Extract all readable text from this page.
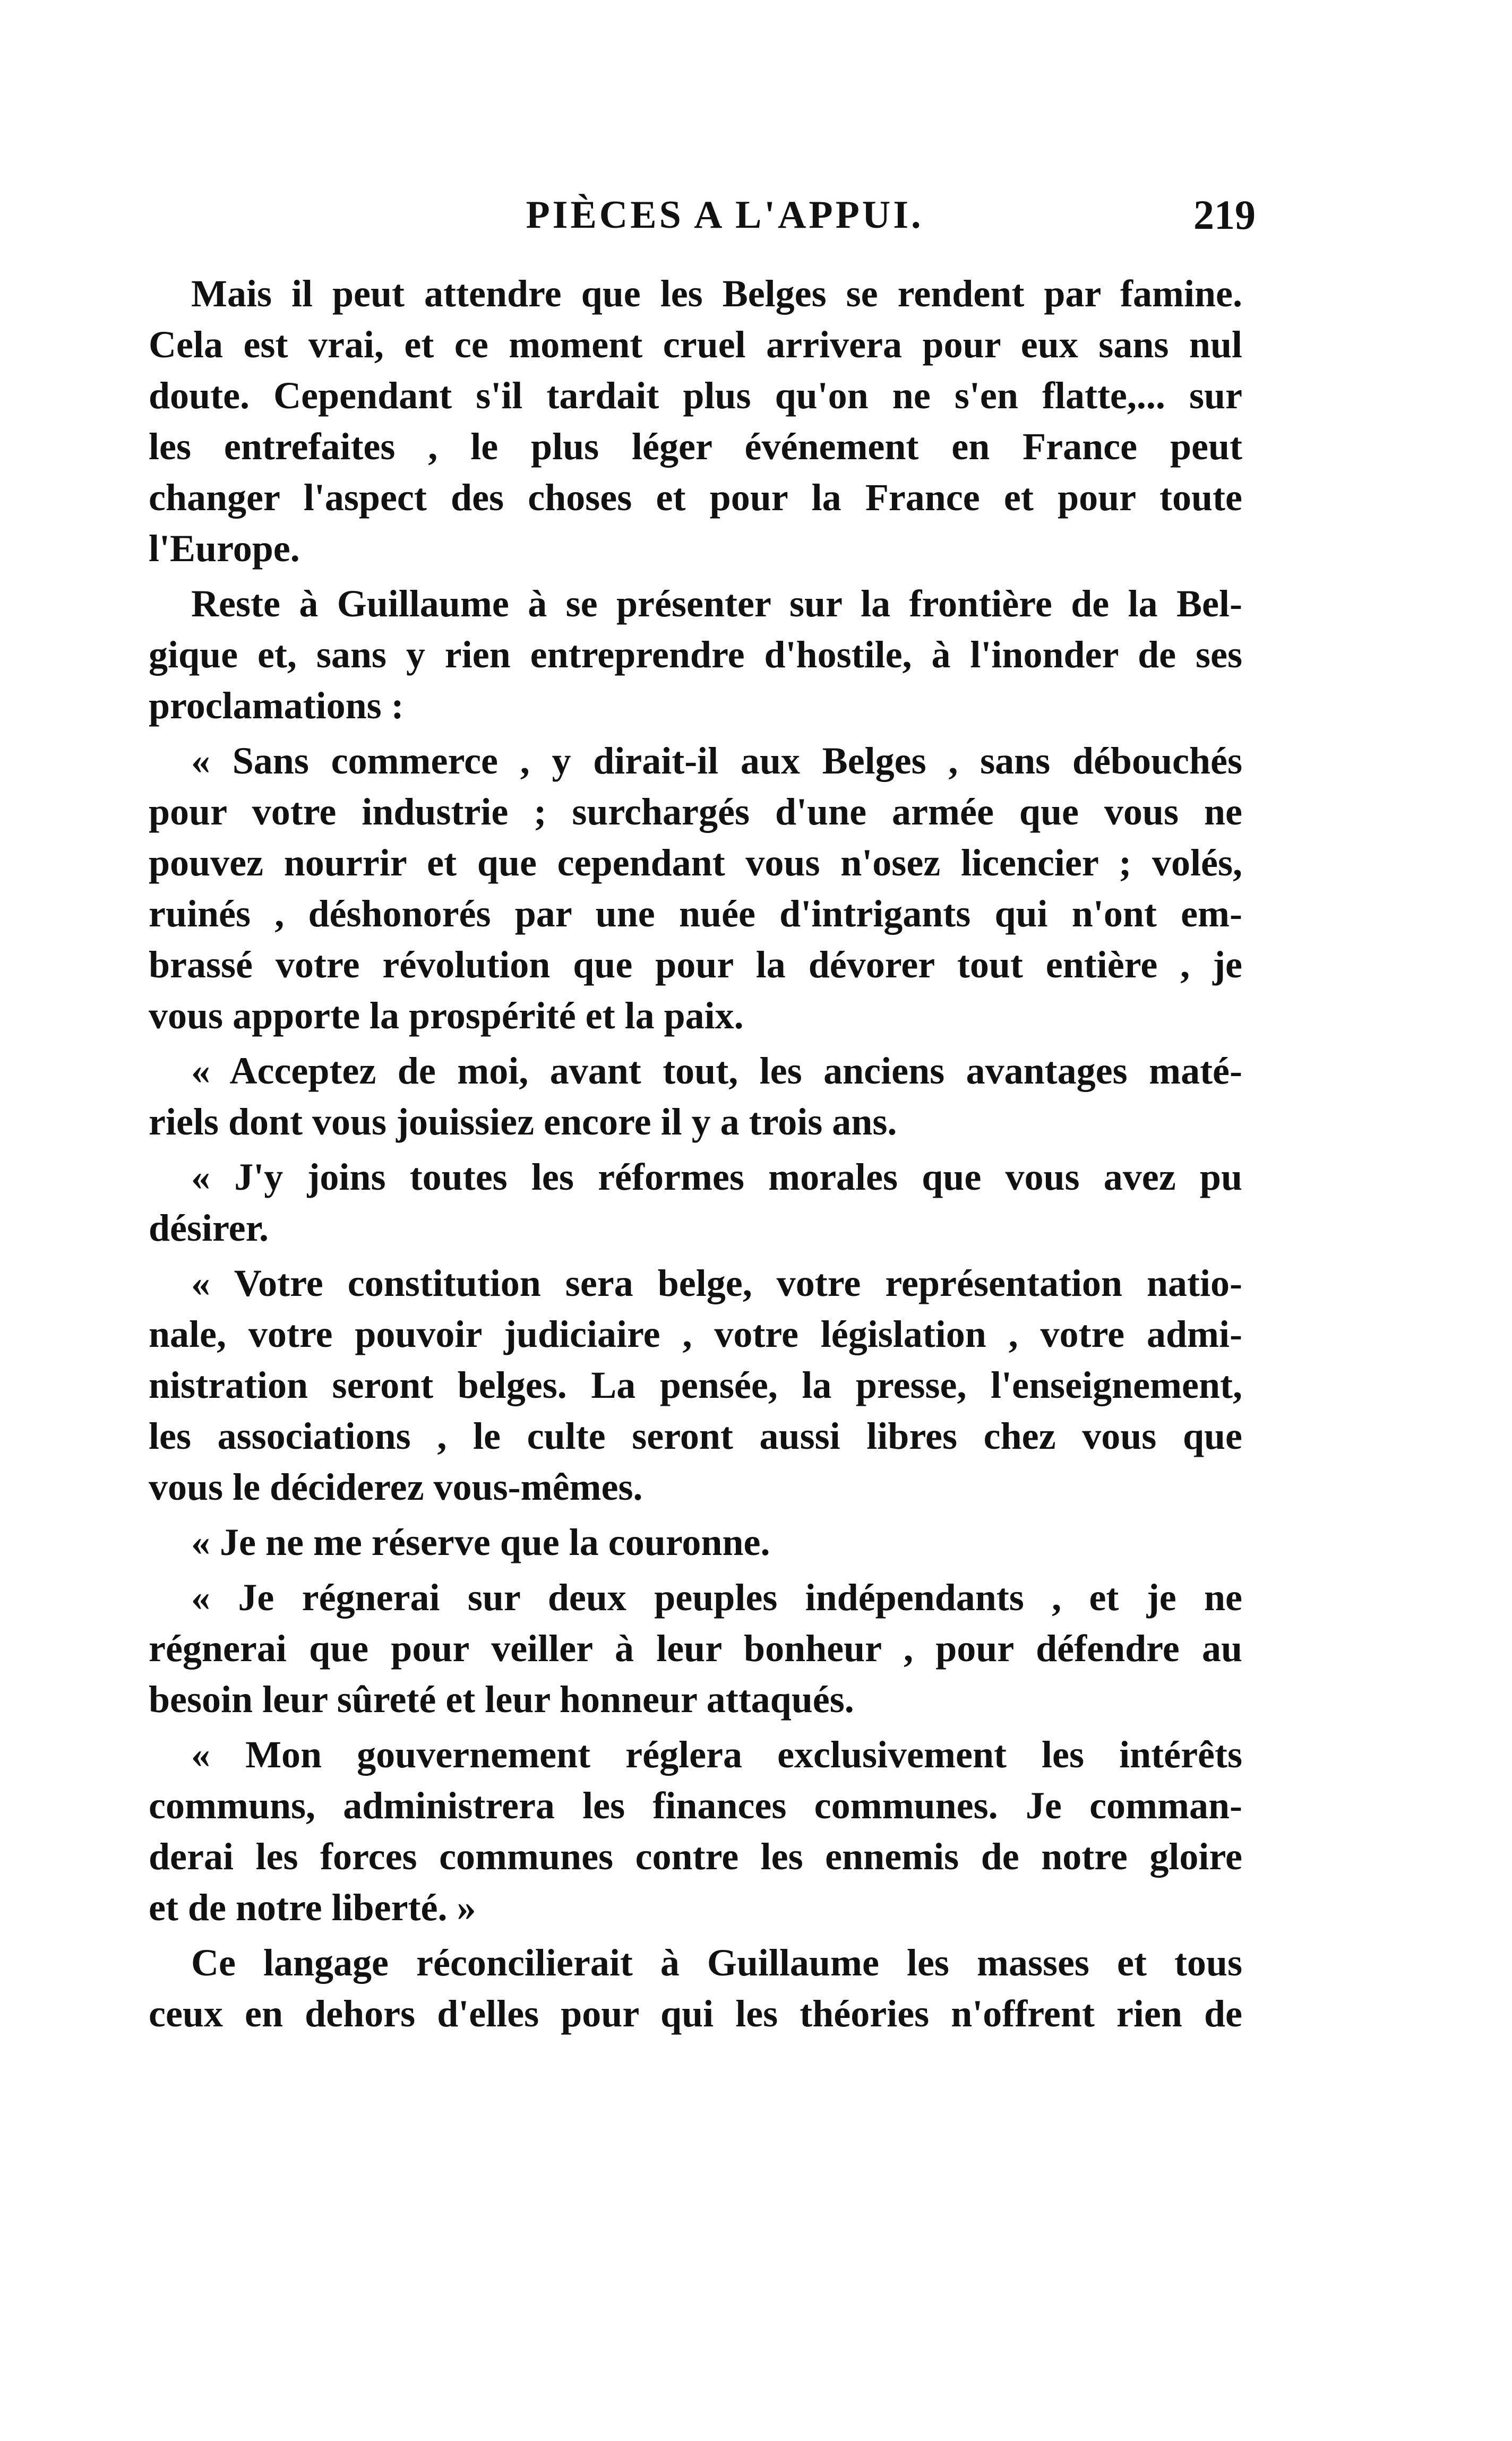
PIÈCES A L'APPUI.	219
Mais il peut attendre que les Belges se rendent par famine.
Cela est vrai, et ce moment cruel arrivera pour eux sans nul
doute. Cependant s'il tardait plus qu'on ne s'en flatte,... sur
les entrefaites , le plus léger événement en France peut
changer l'aspect des choses et pour la France et pour toute
l'Europe.
Reste à Guillaume à se présenter sur la frontière de la Bel-
gique et, sans y rien entreprendre d'hostile, à l'inonder de ses
proclamations :
« Sans commerce , y dirait-il aux Belges , sans débouchés
pour votre industrie ; surchargés d'une armée que vous ne
pouvez nourrir et que cependant vous n'osez licencier ; volés,
ruinés , déshonorés par une nuée d'intrigants qui n'ont em-
brassé votre révolution que pour la dévorer tout entière , je
vous apporte la prospérité et la paix.
« Acceptez de moi, avant tout, les anciens avantages maté-
riels dont vous jouissiez encore il y a trois ans.
« J'y joins toutes les réformes morales que vous avez pu
désirer.
« Votre constitution sera belge, votre représentation natio-
nale, votre pouvoir judiciaire , votre législation , votre admi-
nistration seront belges. La pensée, la presse, l'enseignement,
les associations , le culte seront aussi libres chez vous que
vous le déciderez vous-mêmes.
« Je ne me réserve que la couronne.
« Je régnerai sur deux peuples indépendants , et je ne
régnerai que pour veiller à leur bonheur , pour défendre au
besoin leur sûreté et leur honneur attaqués.
« Mon gouvernement réglera exclusivement les intérêts
communs, administrera les finances communes. Je comman-
derai les forces communes contre les ennemis de notre gloire
et de notre liberté. »
Ce langage réconcilierait à Guillaume les masses et tous
ceux en dehors d'elles pour qui les théories n'offrent rien de
